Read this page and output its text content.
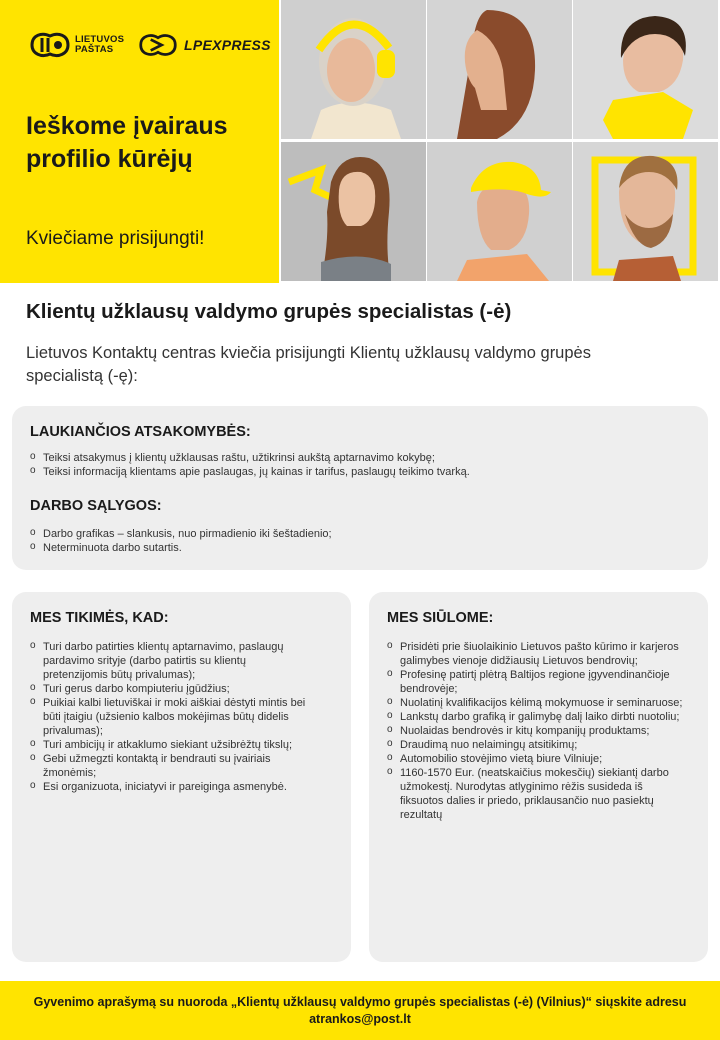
LIETUVOS
PAŠTAS	LPEXPRESS
Ieškome įvairaus profilio kūrėjų
Kviečiame prisijungti!
Klientų užklausų valdymo grupės specialistas (-ė)

Lietuvos Kontaktų centras kviečia prisijungti Klientų užklausų valdymo grupės specialistą (-ę):

LAUKIANČIOS ATSAKOMYBĖS:
o Teiksi atsakymus į klientų užklausas raštu, užtikrinsi aukštą aptarnavimo kokybę;
o Teiksi informaciją klientams apie paslaugas, jų kainas ir tarifus, paslaugų teikimo tvarką.
DARBO SĄLYGOS:
o Darbo grafikas – slankusis, nuo pirmadienio iki šeštadienio;
o Neterminuota darbo sutartis.
MES TIKIMĖS, KAD:
o Turi darbo patirties klientų aptarnavimo, paslaugų pardavimo srityje (darbo patirtis su klientų pretenzijomis būtų privalumas);
o Turi gerus darbo kompiuteriu įgūdžius;
o Puikiai kalbi lietuviškai ir moki aiškiai dėstyti mintis bei būti įtaigiu (užsienio kalbos mokėjimas būtų didelis privalumas);
o Turi ambicijų ir atkaklumo siekiant užsibrėžtų tikslų;
o Gebi užmegzti kontaktą ir bendrauti su įvairiais žmonėmis;
o Esi organizuota, iniciatyvi ir pareiginga asmenybė.
MES SIŪLOME:
o Prisidėti prie šiuolaikinio Lietuvos pašto kūrimo ir karjeros galimybes vienoje didžiausių Lietuvos bendrovių;
o Profesinę patirtį plėtrą Baltijos regione įgyvendinančioje bendrovėje;
o Nuolatinį kvalifikacijos kėlimą mokymuose ir seminaruose;
o Lankstų darbo grafiką ir galimybę dalį laiko dirbti nuotoliu;
o Nuolaidas bendrovės ir kitų kompanijų produktams;
o Draudimą nuo nelaimingų atsitikimų;
o Automobilio stovėjimo vietą biure Vilniuje;
o 1160-1570 Eur. (neatskaičius mokesčių) siekiantį darbo užmokestį. Nurodytas atlyginimo rėžis susideda iš fiksuotos dalies ir priedo, priklausančio nuo pasiektų rezultatų

Gyvenimo aprašymą su nuoroda „Klientų užklausų valdymo grupės specialistas (-ė) (Vilnius)“ siųskite adresu atrankos@post.lt
